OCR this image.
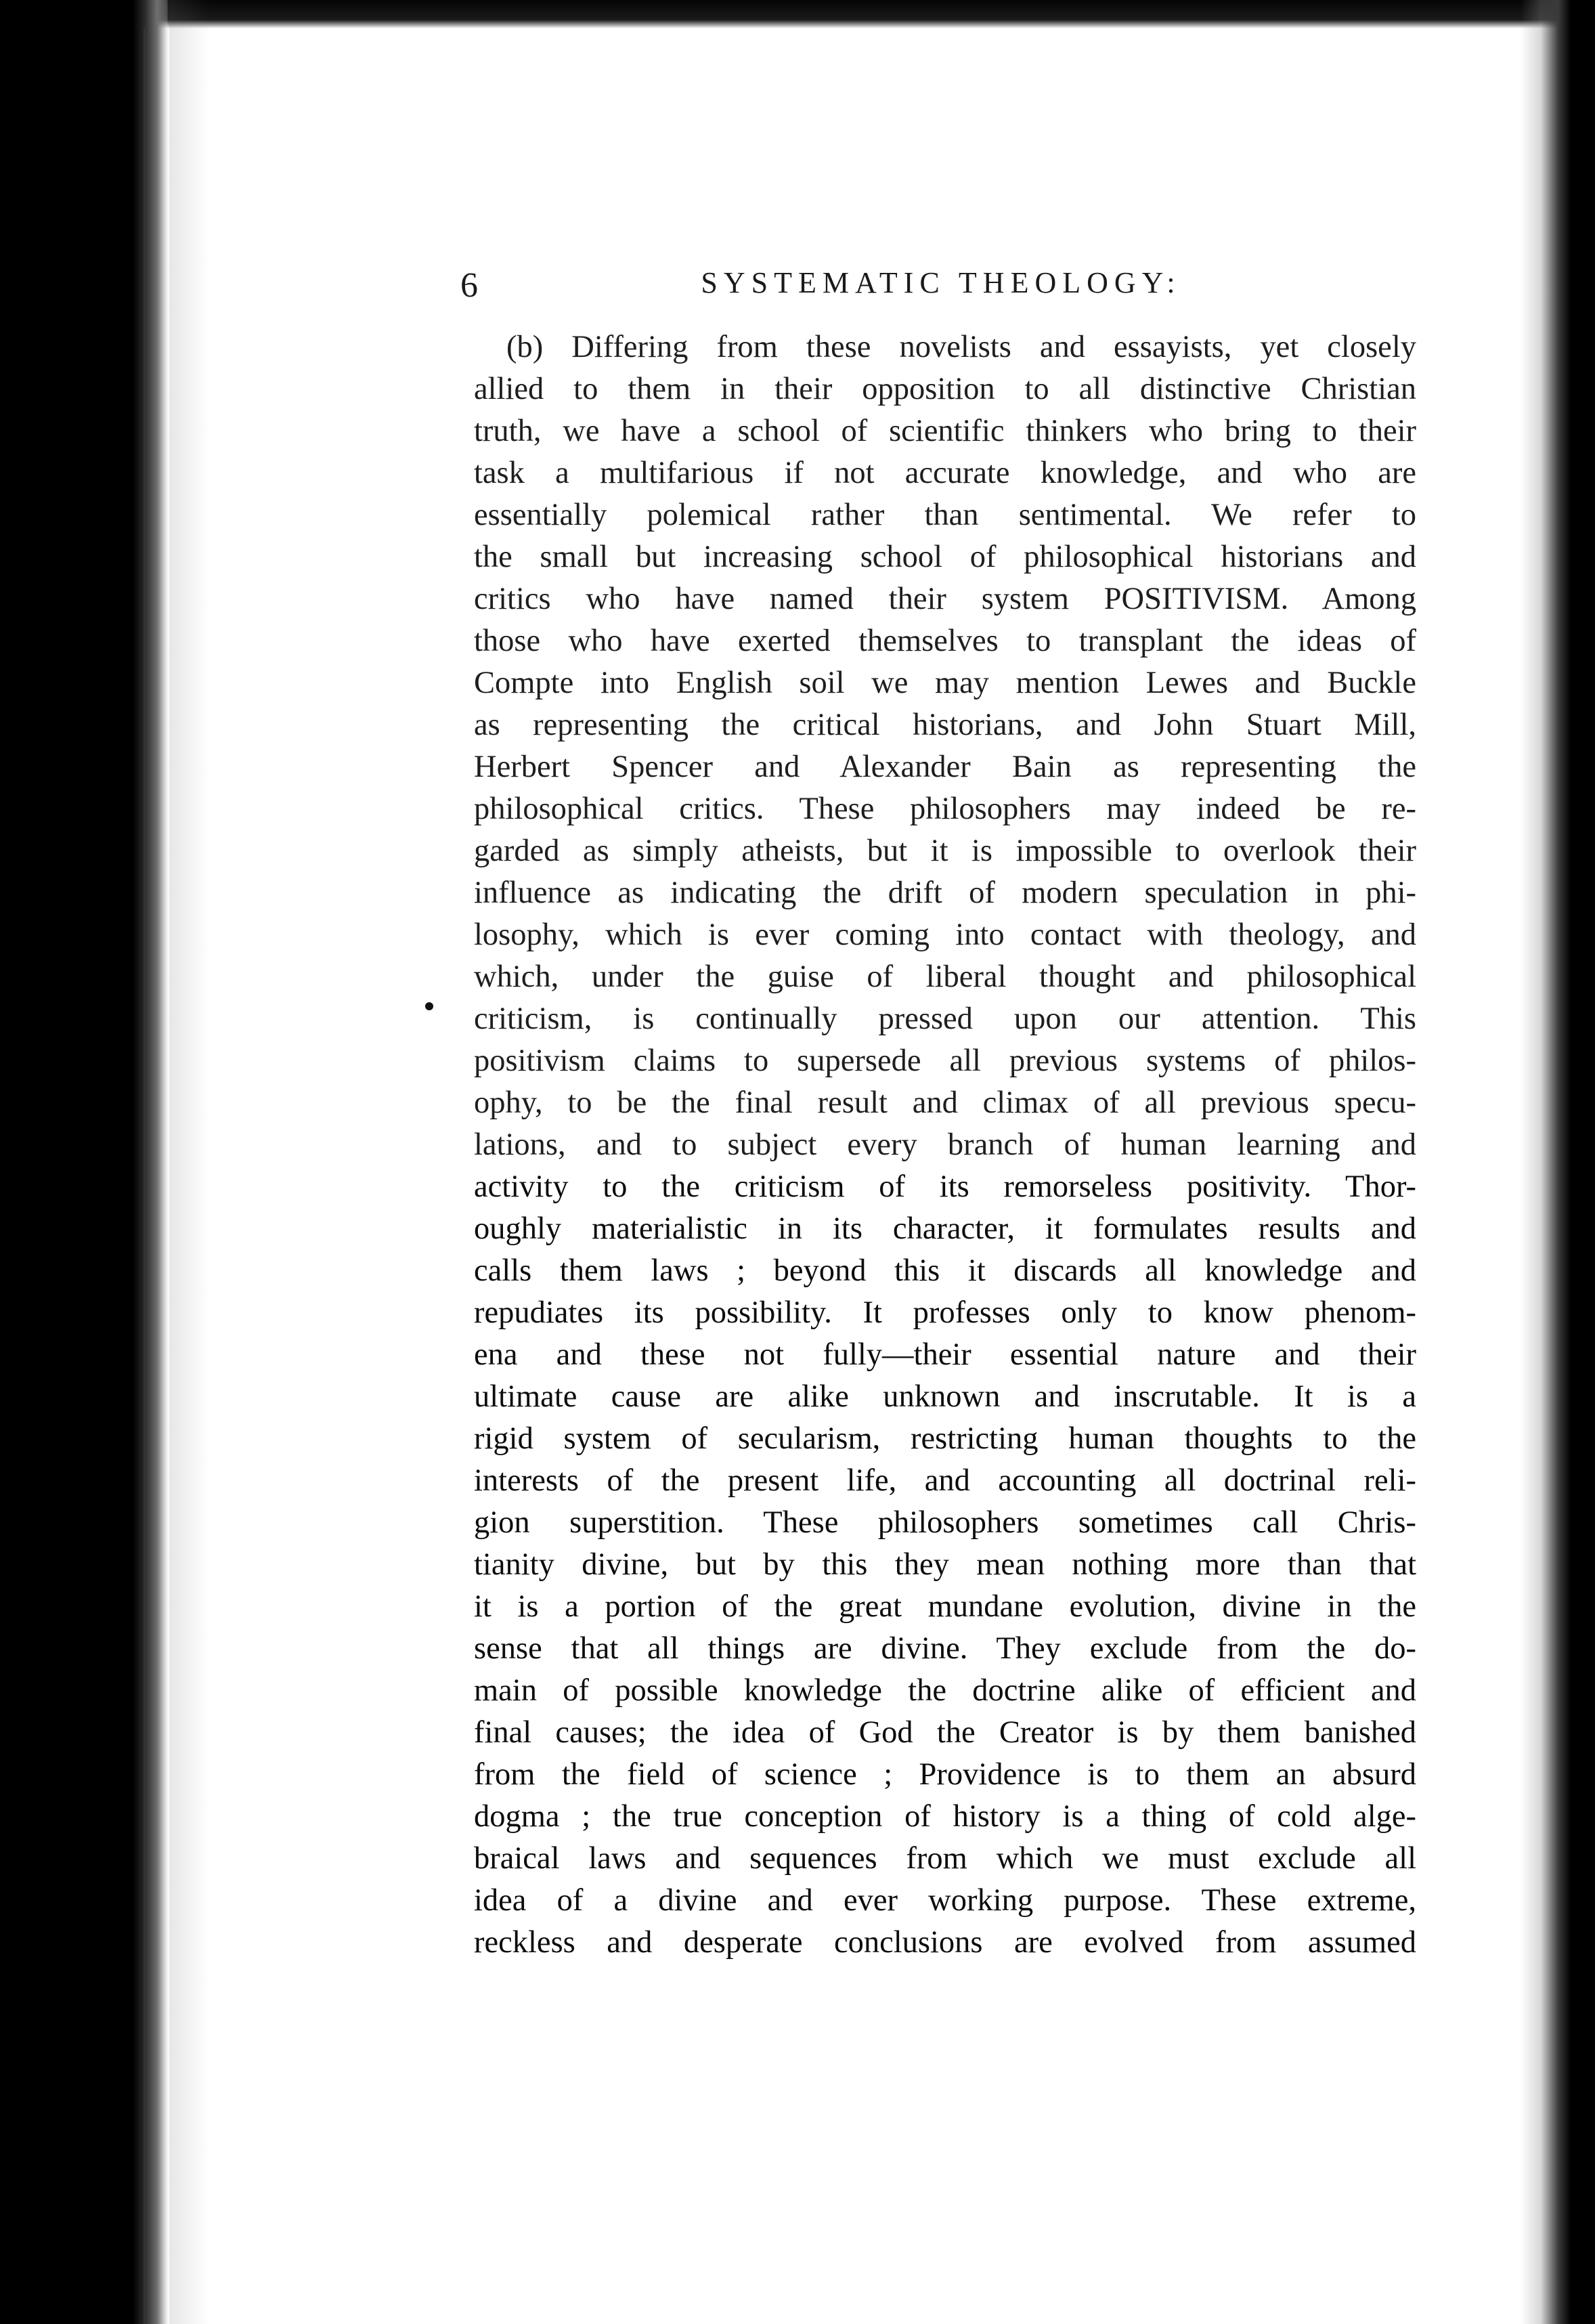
6	SYSTEMATIC THEOLOGY:
(b) Differing from these novelists and essayists, yet closely
allied to them in their opposition to all distinctive Christian
truth, we have a school of scientific thinkers who bring to their
task a multifarious if not accurate knowledge, and who are
essentially polemical rather than sentimental. We refer to
the small but increasing school of philosophical historians and
critics who have named their system POSITIVISM. Among
those who have exerted themselves to transplant the ideas of
Compte into English soil we may mention Lewes and Buckle
as representing the critical historians, and John Stuart Mill,
Herbert Spencer and Alexander Bain as representing the
philosophical critics. These philosophers may indeed be re-
garded as simply atheists, but it is impossible to overlook their
influence as indicating the drift of modern speculation in phi-
losophy, which is ever coming into contact with theology, and
which, under the guise of liberal thought and philosophical
criticism, is continually pressed upon our attention. This
positivism claims to supersede all previous systems of philos-
ophy, to be the final result and climax of all previous specu-
lations, and to subject every branch of human learning and
activity to the criticism of its remorseless positivity. Thor-
oughly materialistic in its character, it formulates results and
calls them laws ; beyond this it discards all knowledge and
repudiates its possibility. It professes only to know phenom-
ena and these not fully—their essential nature and their
ultimate cause are alike unknown and inscrutable. It is a
rigid system of secularism, restricting human thoughts to the
interests of the present life, and accounting all doctrinal reli-
gion superstition. These philosophers sometimes call Chris-
tianity divine, but by this they mean nothing more than that
it is a portion of the great mundane evolution, divine in the
sense that all things are divine. They exclude from the do-
main of possible knowledge the doctrine alike of efficient and
final causes; the idea of God the Creator is by them banished
from the field of science ; Providence is to them an absurd
dogma ; the true conception of history is a thing of cold alge-
braical laws and sequences from which we must exclude all
idea of a divine and ever working purpose. These extreme,
reckless and desperate conclusions are evolved from assumed
